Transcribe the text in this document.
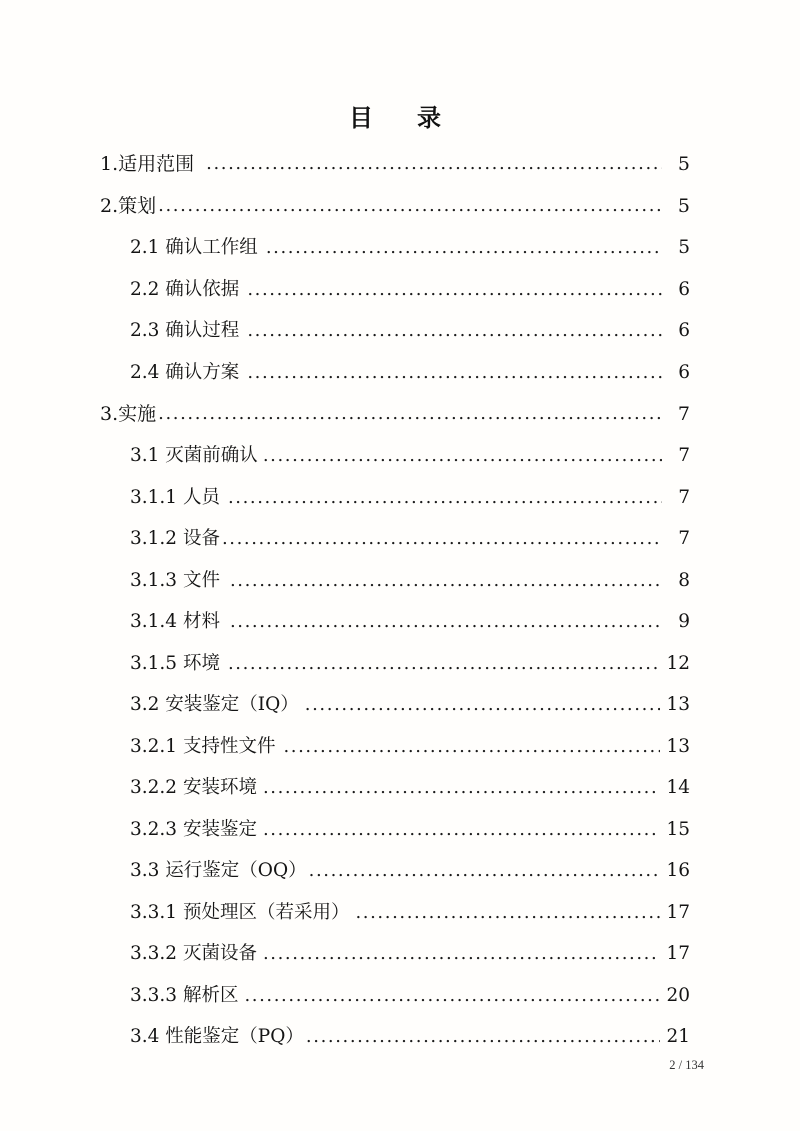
目　录
1.适用范围 .....	5
2.策划 .....	5
2.1 确认工作组 .....	5
2.2 确认依据 .....	6
2.3 确认过程 .....	6
2.4 确认方案 .....	6
3.实施 .....	7
3.1 灭菌前确认 .....	7
3.1.1 人员 .....	7
3.1.2 设备 .....	7
3.1.3 文件 .....	8
3.1.4 材料 .....	9
3.1.5 环境 .....	12
3.2 安装鉴定（IQ） .....	13
3.2.1 支持性文件 .....	13
3.2.2 安装环境 .....	14
3.2.3 安装鉴定 .....	15
3.3 运行鉴定（OQ） .....	16
3.3.1 预处理区（若采用） .....	17
3.3.2 灭菌设备 .....	17
3.3.3 解析区 .....	20
3.4 性能鉴定（PQ） .....	21
2 / 134
